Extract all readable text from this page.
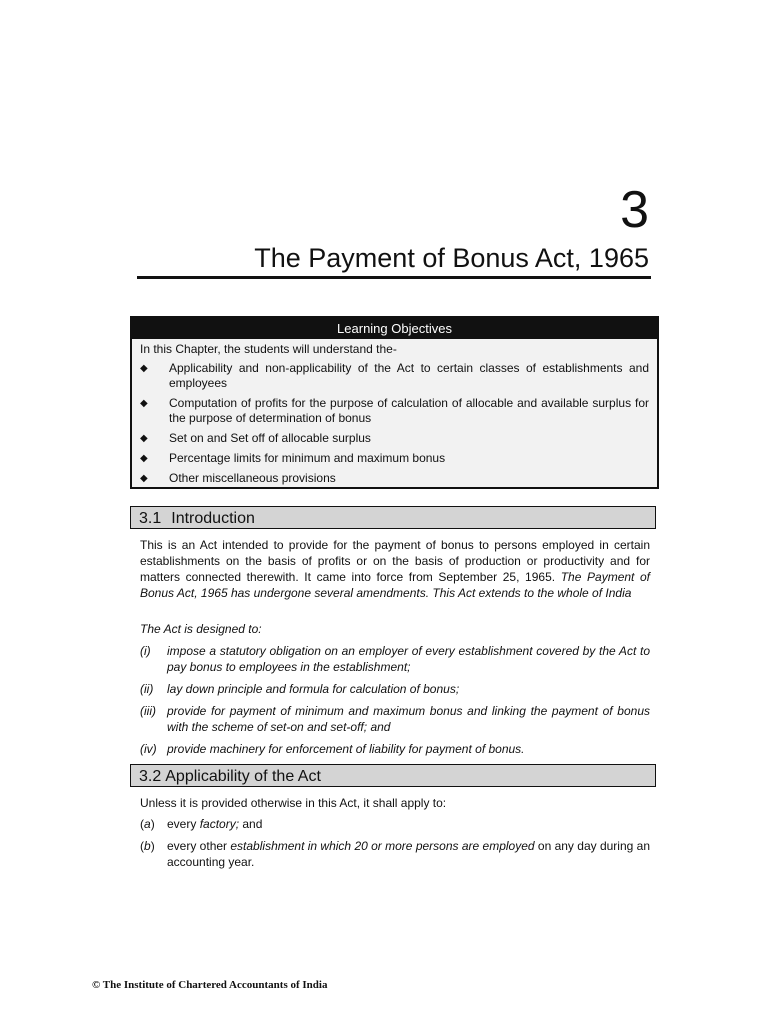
3
The Payment of Bonus Act, 1965
Learning Objectives
In this Chapter, the students will understand the-
◆ Applicability and non-applicability of the Act to certain classes of establishments and employees
◆ Computation of profits for the purpose of calculation of allocable and available surplus for the purpose of determination of bonus
◆ Set on and Set off of allocable surplus
◆ Percentage limits for minimum and maximum bonus
◆ Other miscellaneous provisions
3.1 Introduction

This is an Act intended to provide for the payment of bonus to persons employed in certain establishments on the basis of profits or on the basis of production or productivity and for matters connected therewith. It came into force from September 25, 1965. The Payment of Bonus Act, 1965 has undergone several amendments. This Act extends to the whole of India

The Act is designed to:

(i) impose a statutory obligation on an employer of every establishment covered by the Act to pay bonus to employees in the establishment;
(ii) lay down principle and formula for calculation of bonus;
(iii) provide for payment of minimum and maximum bonus and linking the payment of bonus with the scheme of set-on and set-off; and
(iv) provide machinery for enforcement of liability for payment of bonus.
3.2 Applicability of the Act

Unless it is provided otherwise in this Act, it shall apply to:

(a) every factory; and
(b) every other establishment in which 20 or more persons are employed on any day during an accounting year.
© The Institute of Chartered Accountants of India
